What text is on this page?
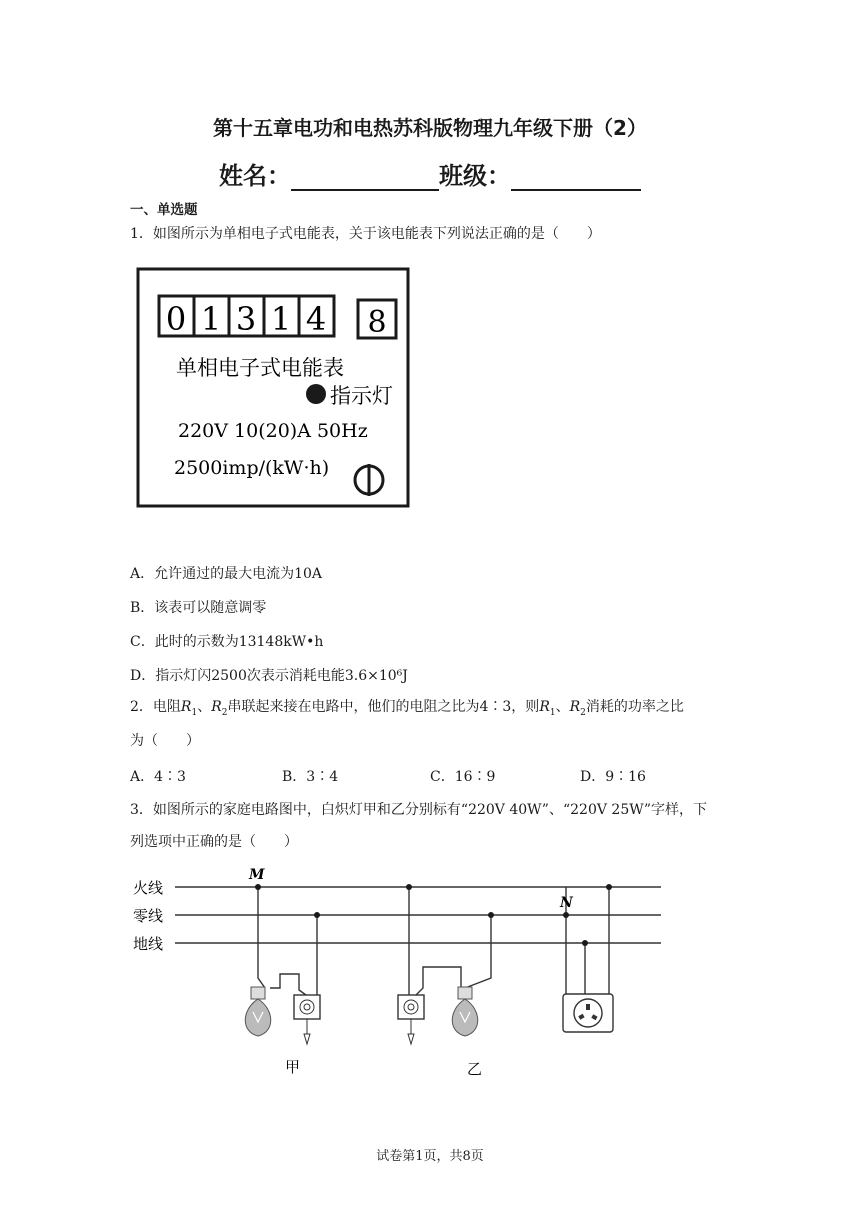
第十五章电功和电热苏科版物理九年级下册（2）
姓名：	班级：
一、单选题
1．如图所示为单相电子式电能表，关于该电能表下列说法正确的是（　　）
0 1 3 1 4 8
单相电子式电能表
指示灯
220V 10(20)A 50Hz
2500imp/(kW·h)
A．允许通过的最大电流为10A
B．该表可以随意调零
C．此时的示数为13148kW•h
D．指示灯闪2500次表示消耗电能3.6×10⁶J
2．电阻$R_1$、$R_2$串联起来接在电路中，他们的电阻之比为4∶3，则$R_1$、$R_2$消耗的功率之比
为（　　）
A．4∶3	B．3∶4	C．16∶9	D．9∶16
3．如图所示的家庭电路图中，白炽灯甲和乙分别标有“220V 40W”、“220V 25W”字样，下
列选项中正确的是（　　）
火线
零线
地线
M
N
甲	乙
试卷第1页，共8页
